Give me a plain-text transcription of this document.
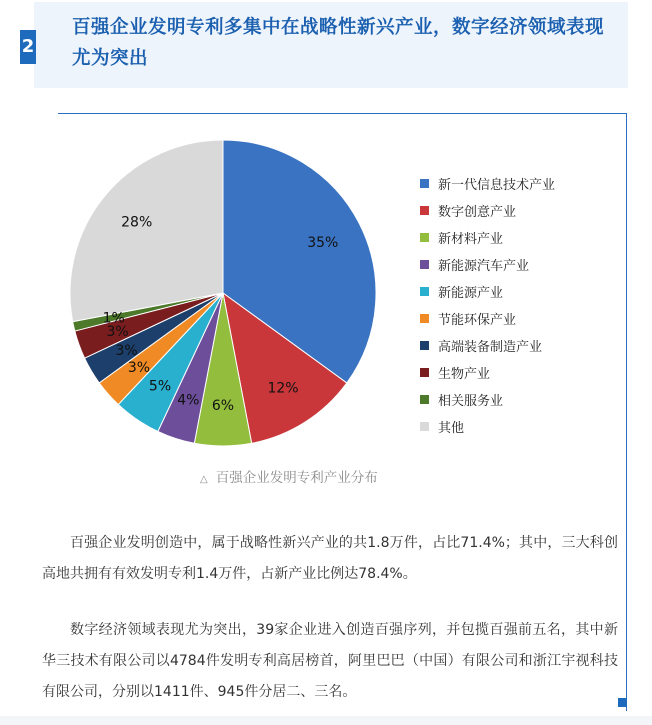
2
百强企业发明专利多集中在战略性新兴产业，数字经济领域表现尤为突出
35%
12%
6%
4%
5%
3%
3%
3%
1%
28%
新一代信息技术产业
数字创意产业
新材料产业
新能源汽车产业
新能源产业
节能环保产业
高端装备制造产业
生物产业
相关服务业
其他
△ 百强企业发明专利产业分布

百强企业发明创造中，属于战略性新兴产业的共1.8万件，占比71.4%；其中，三大科创高地共拥有有效发明专利1.4万件，占新产业比例达78.4%。

数字经济领域表现尤为突出，39家企业进入创造百强序列，并包揽百强前五名，其中新华三技术有限公司以4784件发明专利高居榜首，阿里巴巴（中国）有限公司和浙江宇视科技有限公司，分别以1411件、945件分居二、三名。
